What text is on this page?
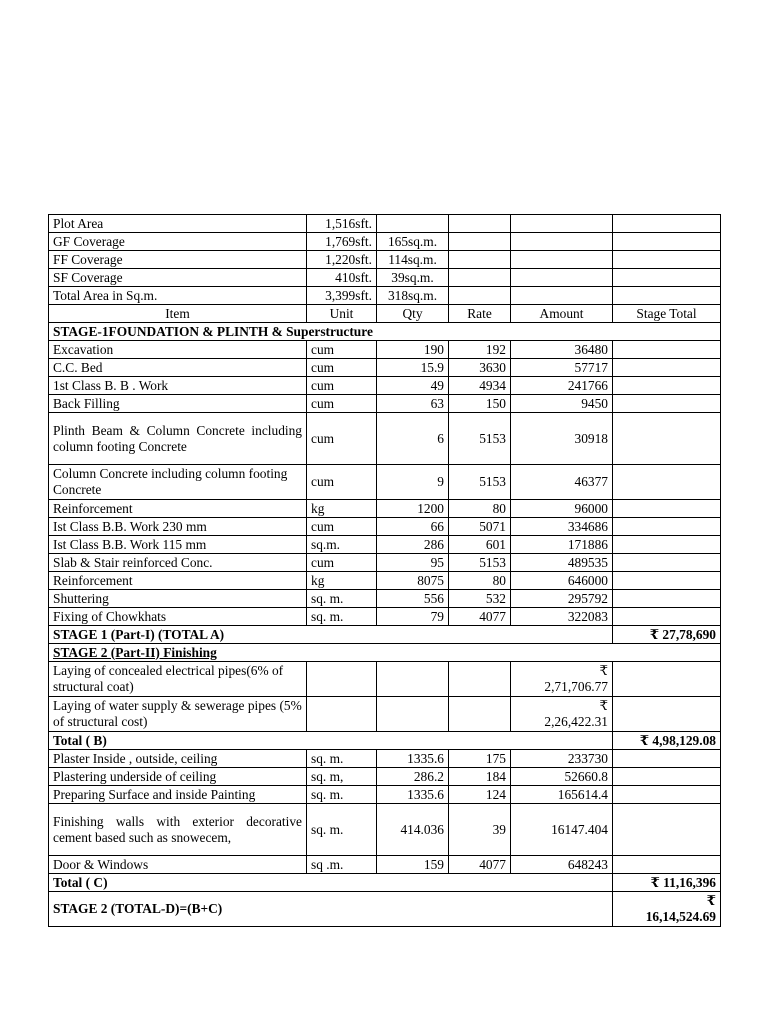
Plot Area	1,516sft.				
GF Coverage	1,769sft.	165sq.m.			
FF Coverage	1,220sft.	114sq.m.			
SF Coverage	410sft.	39sq.m.			
Total Area in Sq.m.	3,399sft.	318sq.m.			
Item	Unit	Qty	Rate	Amount	Stage Total
STAGE-1FOUNDATION & PLINTH & Superstructure					
Excavation	cum	190	192	36480	
C.C. Bed	cum	15.9	3630	57717	
1st Class B. B . Work	cum	49	4934	241766	
Back Filling	cum	63	150	9450	
Plinth Beam & Column Concrete including column footing Concrete	cum	6	5153	30918	
Column Concrete including column footing Concrete	cum	9	5153	46377	
Reinforcement	kg	1200	80	96000	
Ist Class B.B. Work 230 mm	cum	66	5071	334686	
Ist Class B.B. Work 115 mm	sq.m.	286	601	171886	
Slab & Stair reinforced Conc.	cum	95	5153	489535	
Reinforcement	kg	8075	80	646000	
Shuttering	sq. m.	556	532	295792	
Fixing of Chowkhats	sq. m.	79	4077	322083	
STAGE 1 (Part-I) (TOTAL A)					₹ 27,78,690
STAGE 2 (Part-II) Finishing					
Laying of concealed electrical pipes(6% of structural coat)				₹
2,71,706.77	
Laying of water supply & sewerage pipes (5% of structural cost)				₹
2,26,422.31	
Total ( B)					₹ 4,98,129.08
Plaster Inside , outside, ceiling	sq. m.	1335.6	175	233730	
Plastering underside of ceiling	sq. m,	286.2	184	52660.8	
Preparing Surface and inside Painting	sq. m.	1335.6	124	165614.4	
Finishing walls with exterior decorative cement based such as snowecem,	sq. m.	414.036	39	16147.404	
Door & Windows	sq .m.	159	4077	648243	
Total ( C)					₹ 11,16,396
STAGE 2 (TOTAL-D)=(B+C)					₹
16,14,524.69
